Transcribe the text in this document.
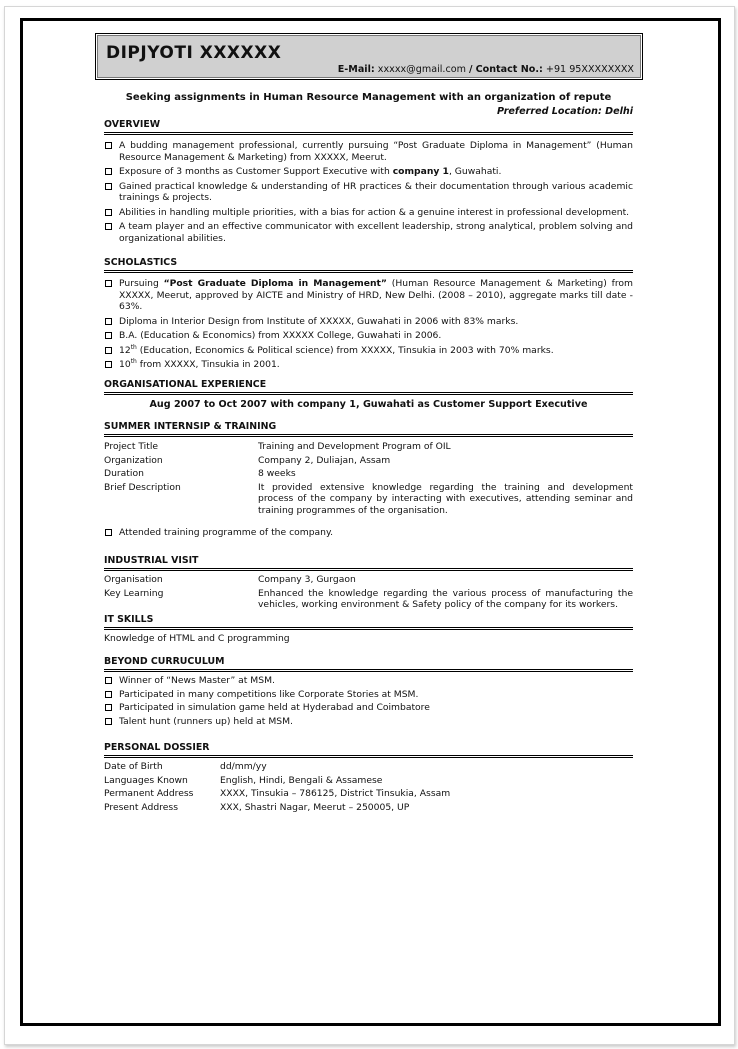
DIPJYOTI XXXXXX
E-Mail: xxxxx@gmail.com / Contact No.: +91 95XXXXXXXX
Seeking assignments in Human Resource Management with an organization of repute
Preferred Location: Delhi
OVERVIEW
A budding management professional, currently pursuing “Post Graduate Diploma in Management” (Human Resource Management & Marketing) from XXXXX, Meerut.
Exposure of 3 months as Customer Support Executive with company 1, Guwahati.
Gained practical knowledge & understanding of HR practices & their documentation through various academic trainings & projects.
Abilities in handling multiple priorities, with a bias for action & a genuine interest in professional development.
A team player and an effective communicator with excellent leadership, strong analytical, problem solving and organizational abilities.
SCHOLASTICS
Pursuing “Post Graduate Diploma in Management” (Human Resource Management & Marketing) from XXXXX, Meerut, approved by AICTE and Ministry of HRD, New Delhi. (2008 – 2010), aggregate marks till date - 63%.
Diploma in Interior Design from Institute of XXXXX, Guwahati in 2006 with 83% marks.
B.A. (Education & Economics) from XXXXX College, Guwahati in 2006.
12th (Education, Economics & Political science) from XXXXX, Tinsukia in 2003 with 70% marks.
10th from XXXXX, Tinsukia in 2001.
ORGANISATIONAL EXPERIENCE
Aug 2007 to Oct 2007 with company 1, Guwahati as Customer Support Executive
SUMMER INTERNSIP & TRAINING
Project Title	Training and Development Program of OIL
Organization	Company 2, Duliajan, Assam
Duration	8 weeks
Brief Description	It provided extensive knowledge regarding the training and development process of the company by interacting with executives, attending seminar and training programmes of the organisation.
Attended training programme of the company.
INDUSTRIAL VISIT
Organisation	Company 3, Gurgaon
Key Learning	Enhanced the knowledge regarding the various process of manufacturing the vehicles, working environment & Safety policy of the company for its workers.
IT SKILLS
Knowledge of HTML and C programming
BEYOND CURRUCULUM
Winner of “News Master” at MSM.
Participated in many competitions like Corporate Stories at MSM.
Participated in simulation game held at Hyderabad and Coimbatore
Talent hunt (runners up) held at MSM.
PERSONAL DOSSIER
Date of Birth	dd/mm/yy
Languages Known	English, Hindi, Bengali & Assamese
Permanent Address	XXXX, Tinsukia – 786125, District Tinsukia, Assam
Present Address	XXX, Shastri Nagar, Meerut – 250005, UP
